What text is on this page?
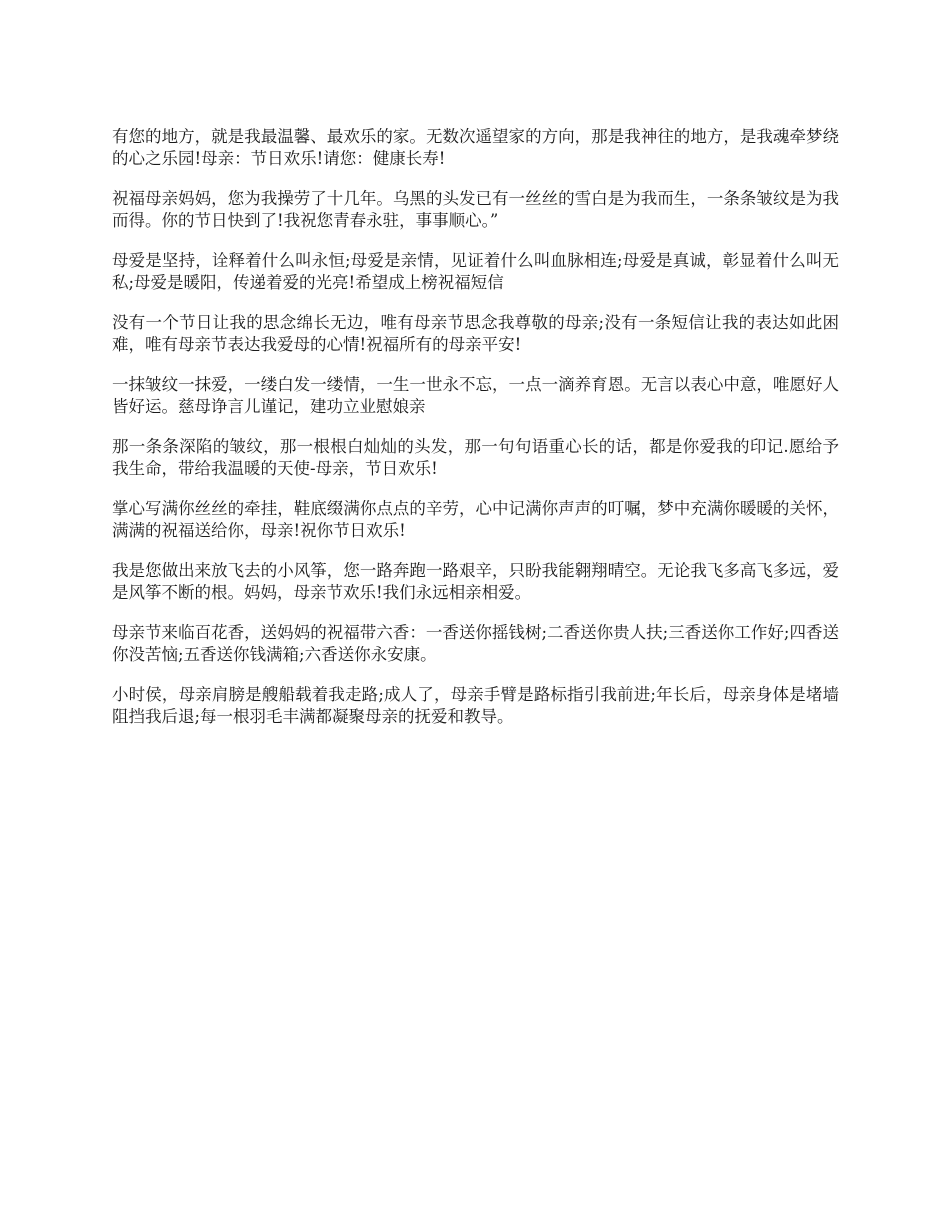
有您的地方，就是我最温馨、最欢乐的家。无数次遥望家的方向，那是我神往的地方，是我魂牵梦绕的心之乐园!母亲：节日欢乐!请您：健康长寿!

祝福母亲妈妈，您为我操劳了十几年。乌黑的头发已有一丝丝的雪白是为我而生，一条条皱纹是为我而得。你的节日快到了!我祝您青春永驻，事事顺心。”

母爱是坚持，诠释着什么叫永恒;母爱是亲情，见证着什么叫血脉相连;母爱是真诚，彰显着什么叫无私;母爱是暖阳，传递着爱的光亮!希望成上榜祝福短信

没有一个节日让我的思念绵长无边，唯有母亲节思念我尊敬的母亲;没有一条短信让我的表达如此困难，唯有母亲节表达我爱母的心情!祝福所有的母亲平安!

一抹皱纹一抹爱，一缕白发一缕情，一生一世永不忘，一点一滴养育恩。无言以表心中意，唯愿好人皆好运。慈母诤言儿谨记，建功立业慰娘亲

那一条条深陷的皱纹，那一根根白灿灿的头发，那一句句语重心长的话，都是你爱我的印记.愿给予我生命，带给我温暖的天使-母亲，节日欢乐!

掌心写满你丝丝的牵挂，鞋底缀满你点点的辛劳，心中记满你声声的叮嘱，梦中充满你暖暖的关怀，满满的祝福送给你，母亲!祝你节日欢乐!

我是您做出来放飞去的小风筝，您一路奔跑一路艰辛，只盼我能翱翔晴空。无论我飞多高飞多远，爱是风筝不断的根。妈妈，母亲节欢乐!我们永远相亲相爱。

母亲节来临百花香，送妈妈的祝福带六香：一香送你摇钱树;二香送你贵人扶;三香送你工作好;四香送你没苦恼;五香送你钱满箱;六香送你永安康。

小时侯，母亲肩膀是艘船载着我走路;成人了，母亲手臂是路标指引我前进;年长后，母亲身体是堵墙阻挡我后退;每一根羽毛丰满都凝聚母亲的抚爱和教导。
